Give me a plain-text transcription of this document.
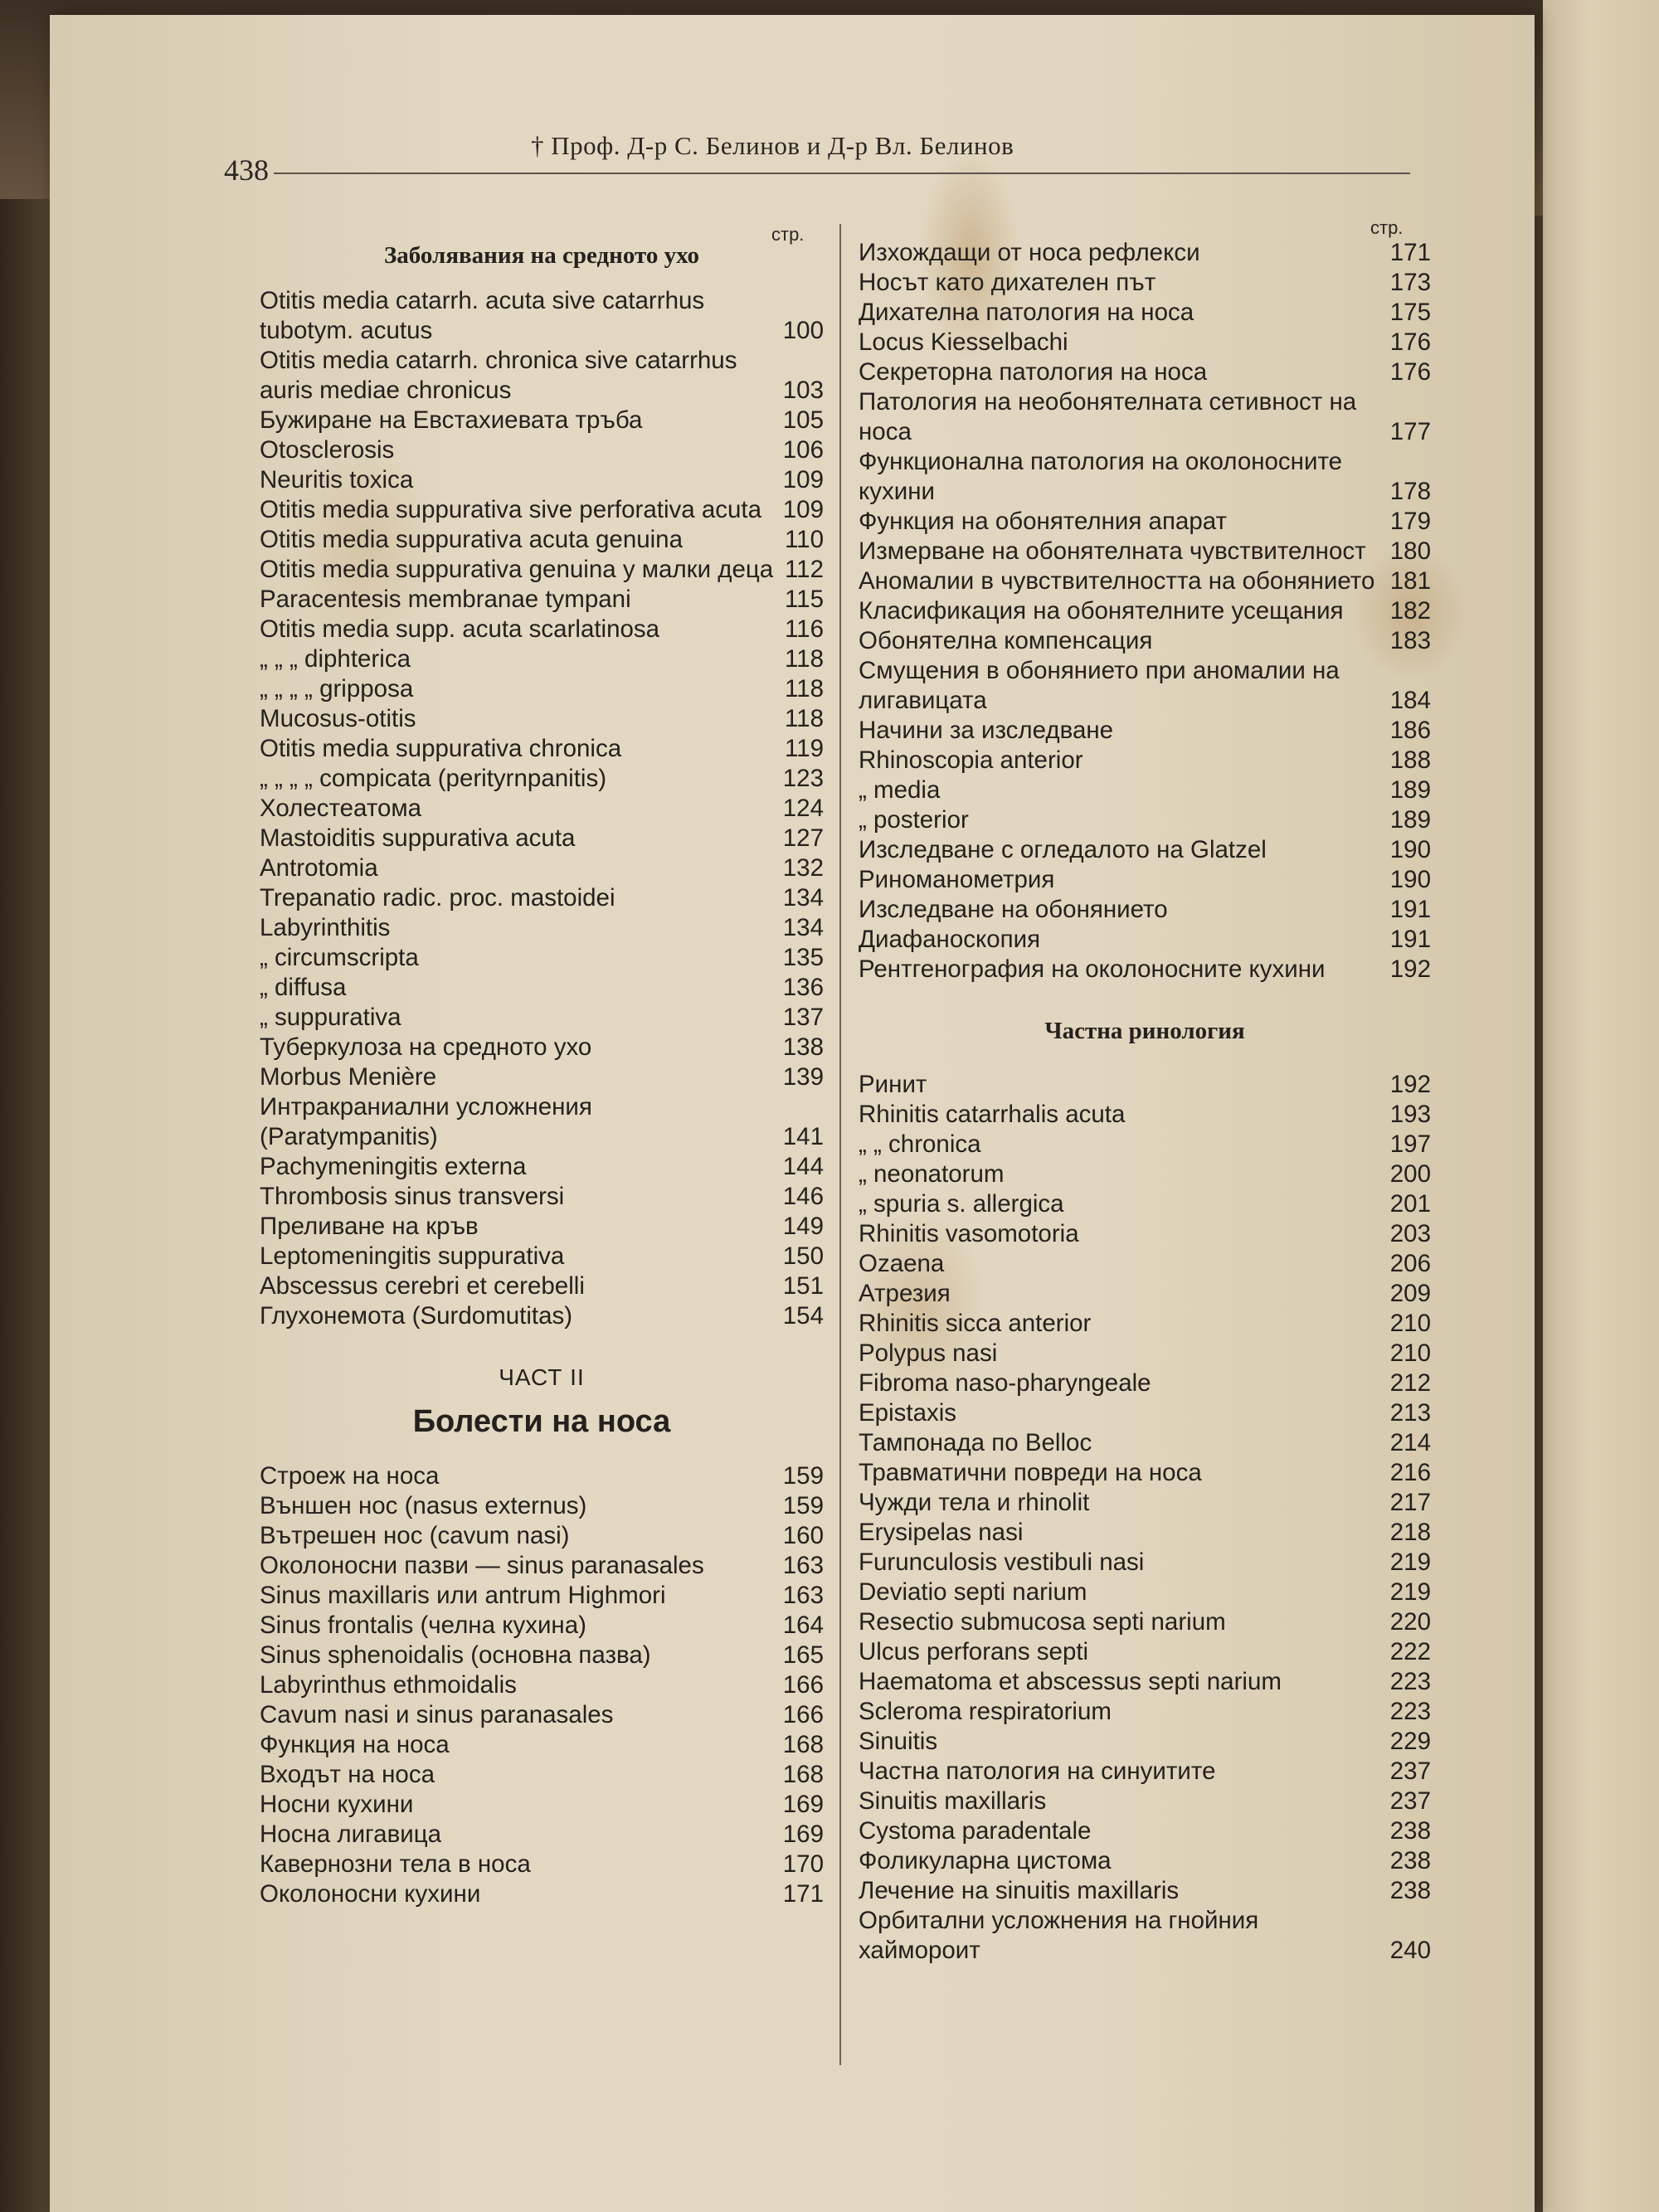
438
† Проф. Д-р С. Белинов и Д-р Вл. Белинов
стр.	стр.

Заболявания на средното ухо

Otitis media catarrh. acuta sive catarrhus tubotym. acutus	100
Otitis media catarrh. chronica sive catarrhus auris mediae chronicus	103
Бужиране на Евстахиевата тръба	105
Otosclerosis	106
Neuritis toxica	109
Otitis media suppurativa sive perforativa acuta 109
Otitis media suppurativa acuta genuina	110
Otitis media suppurativa genuina у малки деца 112
Paracentesis membranae tympani	115
Otitis media supp. acuta scarlatinosa	116
„ „ „ diphterica	118
„ „ „ „ gripposa	118
Mucosus-otitis	118
Otitis media suppurativa chronica	119
„ „ „ „ compicata (perityrnpanitis)	123
Холестеатома	124
Mastoiditis suppurativa acuta	127
Antrotomia	132
Trepanatio radic. proc. mastoidei	134
Labyrinthitis	134
„ circumscripta	135
„ diffusa	136
„ suppurativa	137
Туберкулоза на средното ухо	138
Morbus Menière	139
Интракраниални усложнения (Paratympanitis)	141
Pachymeningitis externa	144
Thrombosis sinus transversi	146
Преливане на кръв	149
Leptomeningitis suppurativa	150
Abscessus cerebri et cerebelli	151
Глухонемота (Surdomutitas)	154

ЧАСТ II

Болести на носа

Строеж на носа	159
Външен нос (nasus externus)	159
Вътрешен нос (cavum nasi)	160
Околоносни пазви — sinus paranasales	163
Sinus maxillaris или antrum Highmori	163
Sinus frontalis (челна кухина)	164
Sinus sphenoidalis (основна пазва)	165
Labyrinthus ethmoidalis	166
Cavum nasi и sinus paranasales	166
Функция на носа	168
Входът на носа	168
Носни кухини	169
Носна лигавица	169
Кавернозни тела в носа	170
Околоносни кухини	171
Изхождащи от носа рефлекси	171
Носът като дихателен път	173
Дихателна патология на носа	175
Locus Kiesselbachi	176
Секреторна патология на носа	176
Патология на необонятелната сетивност на носа	177
Функционална патология на околоносните кухини	178
Функция на обонятелния апарат	179
Измерване на обонятелната чувствителност 180
Аномалии в чувствителността на обонянието 181
Класификация на обонятелните усещания	182
Обонятелна компенсация	183
Смущения в обонянието при аномалии на лигавицата	184
Начини за изследване	186
Rhinoscopia anterior	188
„ media	189
„ posterior	189
Изследване с огледалото на Glatzel	190
Риноманометрия	190
Изследване на обонянието	191
Диафаноскопия	191
Рентгенография на околоносните кухини	192

Частна ринология

Ринит	192
Rhinitis catarrhalis acuta	193
„ „ chronica	197
„ neonatorum	200
„ spuria s. allergica	201
Rhinitis vasomotoria	203
Ozaena	206
Атрезия	209
Rhinitis sicca anterior	210
Polypus nasi	210
Fibroma naso-pharyngeale	212
Epistaxis	213
Тампонада по Belloc	214
Травматични повреди на носа	216
Чужди тела и rhinolit	217
Erysipelas nasi	218
Furunculosis vestibuli nasi	219
Deviatio septi narium	219
Resectio submucosa septi narium	220
Ulcus perforans septi	222
Haematoma et abscessus septi narium	223
Scleroma respiratorium	223
Sinuitis	229
Частна патология на синуитите	237
Sinuitis maxillaris	237
Cystoma paradentale	238
Фоликуларна цистома	238
Лечение на sinuitis maxillaris	238
Орбитални усложнения на гнойния хаймороит	240
